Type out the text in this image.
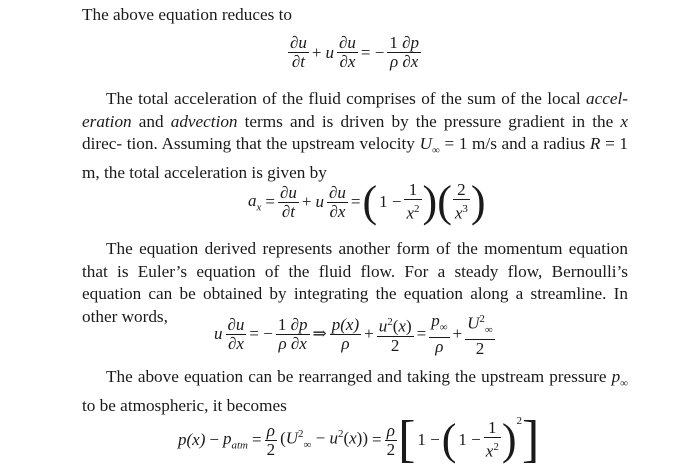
The above equation reduces to
$\frac{\partial u}{\partial t} + u \frac{\partial u}{\partial x}$ = − $\frac{1 \partial p}{\rho \partial x}$
The total acceleration of the fluid comprises of the sum of the local accel- eration and advection terms and is driven by the pressure gradient in the x direc- tion. Assuming that the upstream velocity $U_\infty = 1$ m/s and a radius R = 1 m, the total acceleration is given by
$a_x = \frac{\partial u}{\partial t} + u \frac{\partial u}{\partial x}$ =( $1 - \frac{1}{x^2}$ )( $\frac{2}{x^3}$ )
The equation derived represents another form of the momentum equation that is Euler’s equation of the fluid flow. For a steady flow, Bernoulli’s equation can be obtained by integrating the equation along a streamline. In other words,
u $\frac{\partial u}{\partial x}$ = − $\frac{1 \partial p}{\rho \partial x}$ ⇒ $\frac{p(x)}{\rho} + \frac{u^2(x)}{2} = \frac{p_\infty}{\rho} + \frac{U^2_\infty}{2}$
The above equation can be rearranged and taking the upstream pressure $p_\infty$ to be atmospheric, it becomes
$p(x) - p_{atm} = \frac{\rho}{2} (U^2_\infty - u^2(x)) = \frac{\rho}{2}$ [ 1 −( $1 - \frac{1}{x^2} )^2$]
